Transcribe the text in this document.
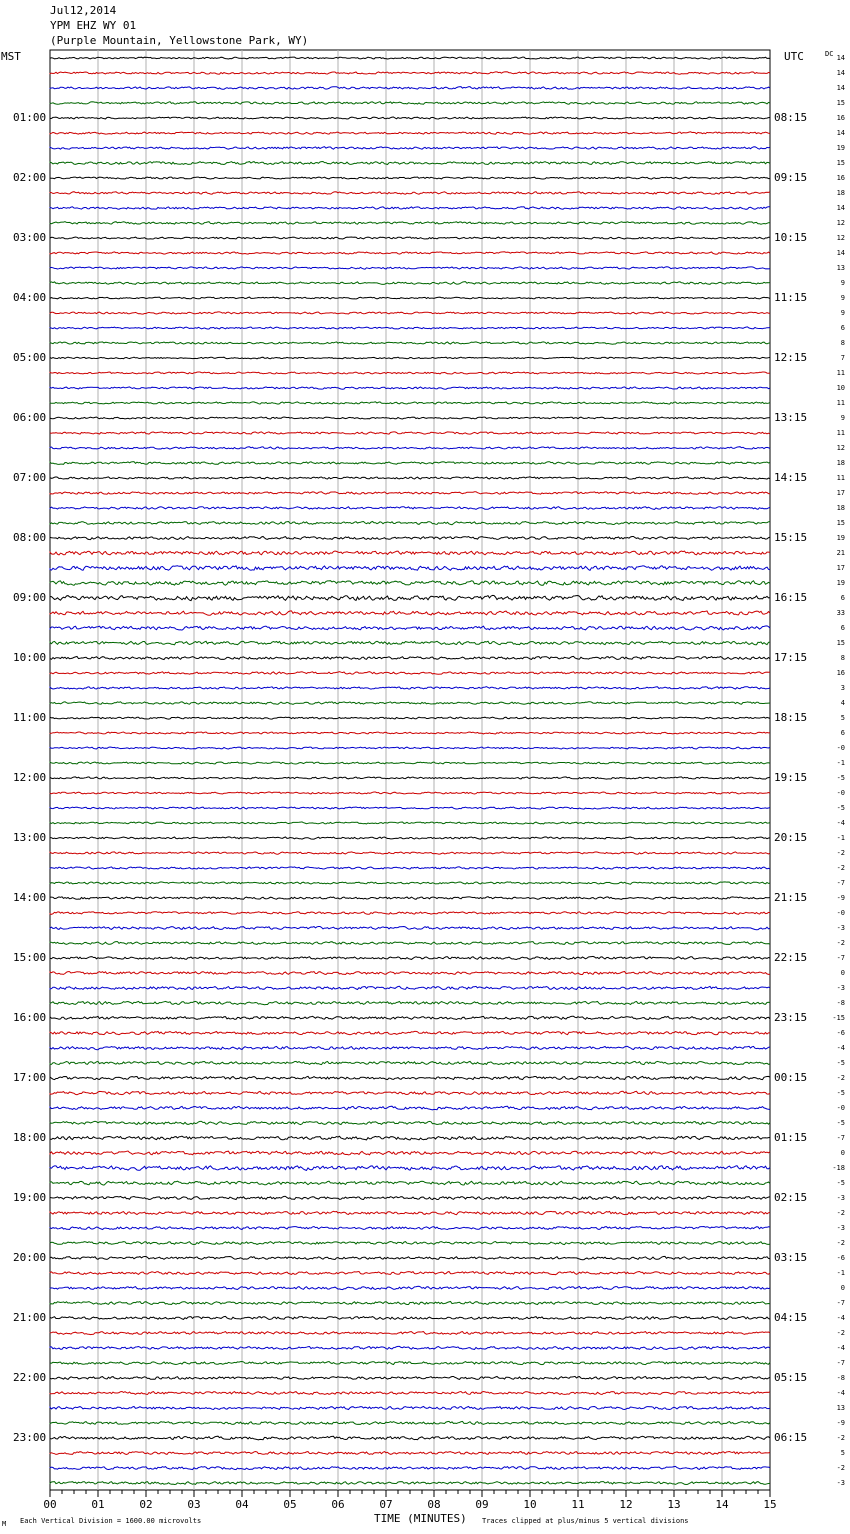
00	01	02	03	04	05	06	07	08	09	10	11	12	13	14	15
Jul12,2014
YPM EHZ WY 01
(Purple Mountain, Yellowstone Park, WY)
MST	UTC	DC
01:00
02:00
03:00
04:00
05:00
06:00
07:00
08:00
09:00
10:00
11:00
12:00
13:00
14:00
15:00
16:00
17:00
18:00
19:00
20:00
21:00
22:00
23:00
08:15
09:15
10:15
11:15
12:15
13:15
14:15
15:15
16:15
17:15
18:15
19:15
20:15
21:15
22:15
23:15
00:15
01:15
02:15
03:15
04:15
05:15
06:15
14
14
14
15
16
14
19
15
16
18
14
12
12
14
13
9
9
9
6
8
7
11
10
11
9
11
12
18
11
17
18
15
19
21
17
19
6
33
6
15
8
16
3
4
5
6
-0
-1
-5
-0
-5
-4
-1
-2
-2
-7
-9
-0
-3
-2
-7
0
-3
-8
-15
-6
-4
-5
-2
-5
-0
-5
-7
0
-18
-5
-3
-2
-3
-2
-6
-1
0
-7
-4
-2
-4
-7
-8
-4
13
-9
-2
5
-2
-3
TIME (MINUTES)
Each Vertical Division = 1600.00 microvolts	Traces clipped at plus/minus 5 vertical divisions
M
